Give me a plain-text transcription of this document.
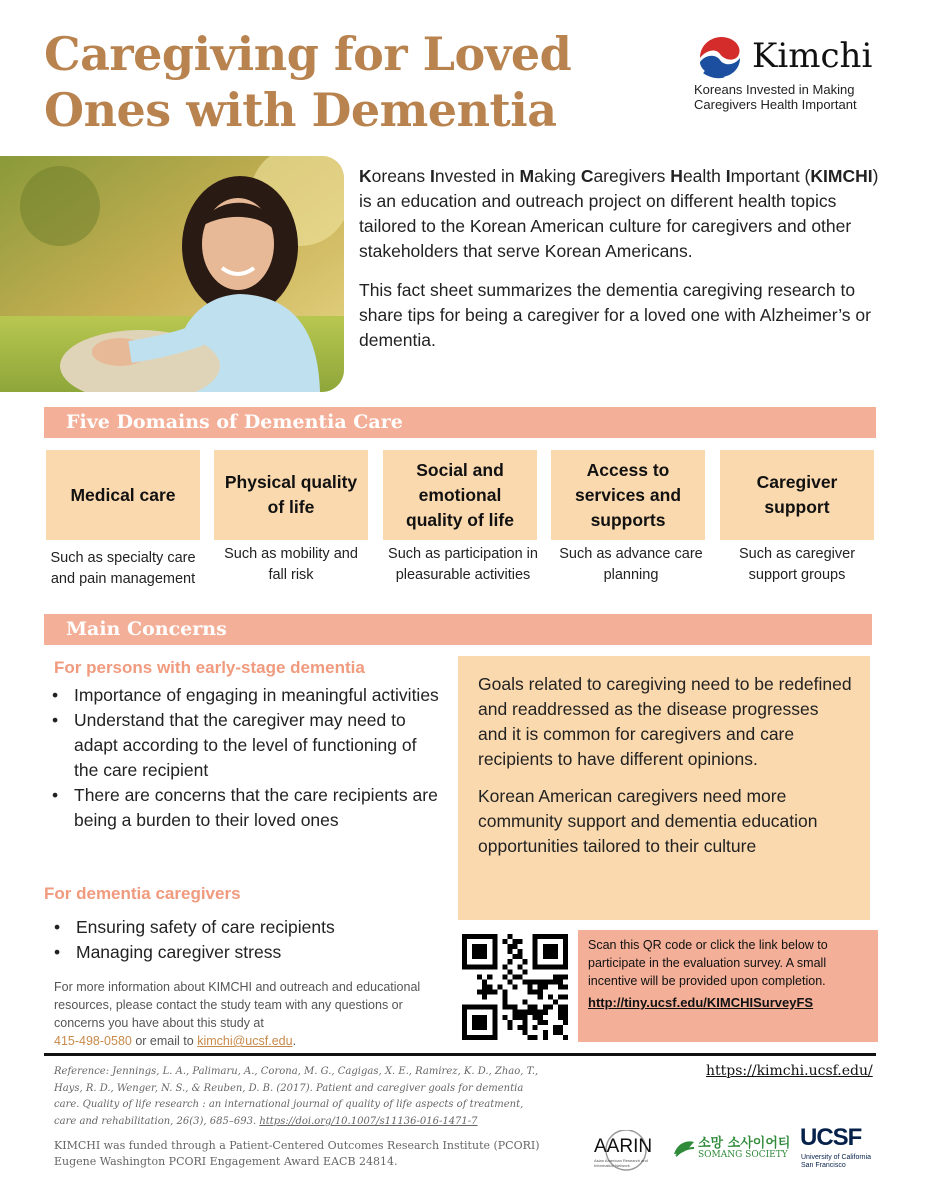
Caregiving for Loved
Ones with Dementia
Kimchi
Koreans Invested in Making
Caregivers Health Important

Koreans Invested in Making Caregivers Health Important (KIMCHI) is an education and outreach project on different health topics tailored to the Korean American culture for caregivers and other stakeholders that serve Korean Americans.

This fact sheet summarizes the dementia caregiving research to share tips for being a caregiver for a loved one with Alzheimer’s or dementia.

Five Domains of Dementia Care
Medical care
Physical quality of life
Social and emotional quality of life
Access to services and supports
Caregiver support
Such as specialty care and pain management
Such as mobility and fall risk
Such as participation in pleasurable activities
Such as advance care planning
Such as caregiver support groups
Main Concerns
For persons with early-stage dementia
• Importance of engaging in meaningful activities
• Understand that the caregiver may need to adapt according to the level of functioning of the care recipient
• There are concerns that the care recipients are being a burden to their loved ones
For dementia caregivers
• Ensuring safety of care recipients
• Managing caregiver stress

Goals related to caregiving need to be redefined and readdressed as the disease progresses and it is common for caregivers and care recipients to have different opinions.

Korean American caregivers need more community support and dementia education opportunities tailored to their culture

For more information about KIMCHI and outreach and educational resources, please contact the study team with any questions or concerns you have about this study at
415-498-0580 or email to kimchi@ucsf.edu.
Scan this QR code or click the link below to participate in the evaluation survey. A small incentive will be provided upon completion.
http://tiny.ucsf.edu/KIMCHISurveyFS
Reference: Jennings, L. A., Palimaru, A., Corona, M. G., Cagigas, X. E., Ramirez, K. D., Zhao, T., Hays, R. D., Wenger, N. S., & Reuben, D. B. (2017). Patient and caregiver goals for dementia care. Quality of life research : an international journal of quality of life aspects of treatment, care and rehabilitation, 26(3), 685–693. https://doi.org/10.1007/s11136-016-1471-7
https://kimchi.ucsf.edu/
KIMCHI was funded through a Patient-Centered Outcomes Research Institute (PCORI) Eugene Washington PCORI Engagement Award EACB 24814.
AARIN
Asian American Research and Information Network
소망 소사이어티
SOMANG SOCIETY
UCSF
University of California
San Francisco
